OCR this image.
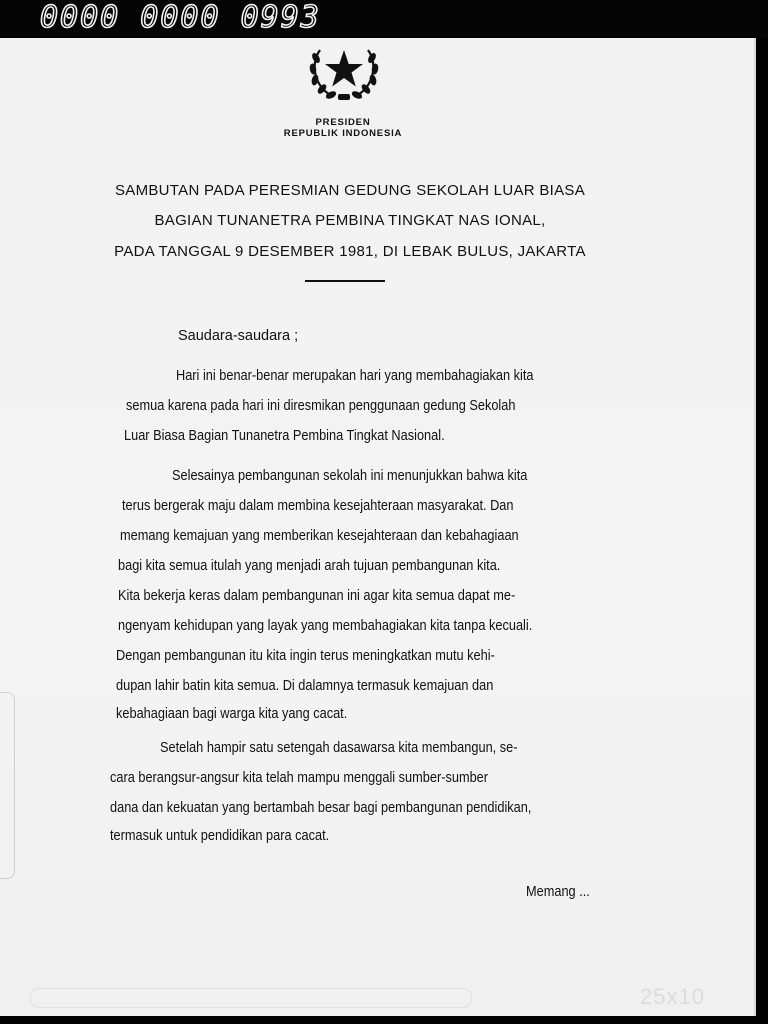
0000 0000 0993
PRESIDEN
REPUBLIK INDONESIA
SAMBUTAN PADA PERESMIAN GEDUNG SEKOLAH LUAR BIASA
BAGIAN TUNANETRA PEMBINA TINGKAT NAS IONAL,
PADA TANGGAL 9 DESEMBER 1981, DI LEBAK BULUS, JAKARTA
Saudara-saudara ;
Hari ini benar-benar merupakan hari yang membahagiakan kita
semua karena pada hari ini diresmikan penggunaan gedung Sekolah
Luar Biasa Bagian Tunanetra Pembina Tingkat Nasional.
Selesainya pembangunan sekolah ini menunjukkan bahwa kita
terus bergerak maju dalam membina kesejahteraan masyarakat. Dan
memang kemajuan yang memberikan kesejahteraan dan kebahagiaan
bagi kita semua itulah yang menjadi arah tujuan pembangunan kita.
Kita bekerja keras dalam pembangunan ini agar kita semua dapat me-
ngenyam kehidupan yang layak yang membahagiakan kita tanpa kecuali.
Dengan pembangunan itu kita ingin terus meningkatkan mutu kehi-
dupan lahir batin kita semua. Di dalamnya termasuk kemajuan dan
kebahagiaan bagi warga kita yang cacat.
Setelah hampir satu setengah dasawarsa kita membangun, se-
cara berangsur-angsur kita telah mampu menggali sumber-sumber
dana dan kekuatan yang bertambah besar bagi pembangunan pendidikan,
termasuk untuk pendidikan para cacat.
Memang ...
25x10
